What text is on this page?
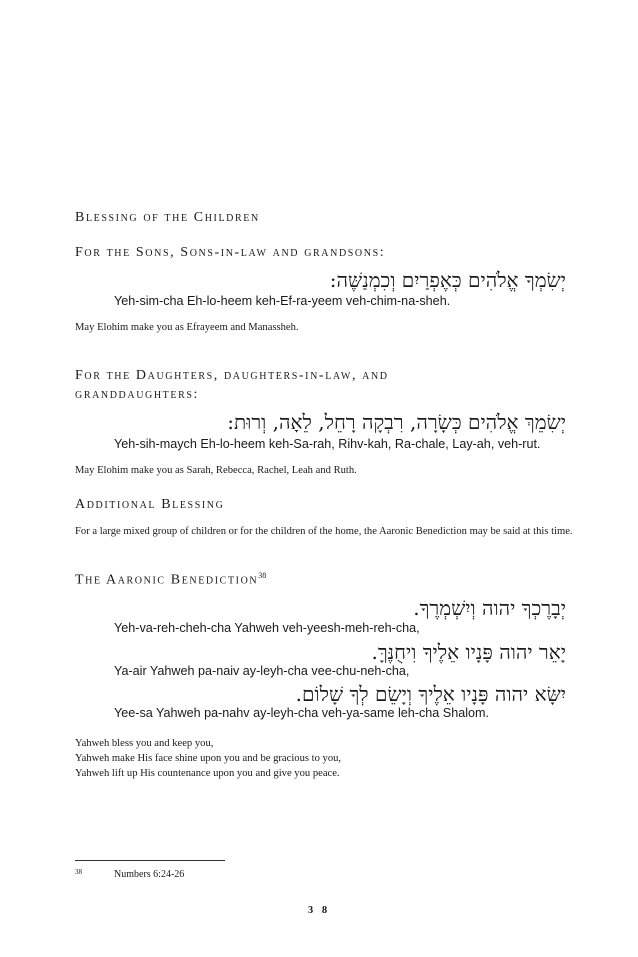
Blessing of the Children
For the Sons, Sons-in-law and grandsons:
יְשִׂמְךָ אֱלֹהִים כְּאֶפְרַיִם וְכִמְנַשֶּׁה:
Yeh-sim-cha Eh-lo-heem keh-Ef-ra-yeem veh-chim-na-sheh.
May Elohim make you as Efrayeem and Manassheh.
For the Daughters, daughters-in-law, and
granddaughters:
יְשִׂמֵךְ אֱלֹהִים כְּשָׂרָה, רִבְקָה רָחֵל, לֵאָה, וְרוּת:
Yeh-sih-maych Eh-lo-heem keh-Sa-rah, Rihv-kah, Ra-chale, Lay-ah, veh-rut.
May Elohim make you as Sarah, Rebecca, Rachel, Leah and Ruth.
Additional Blessing

For a large mixed group of children or for the children of the home, the Aaronic Benediction may be said at this time.

The Aaronic Benediction$^{38}$
יְבָרֶכְךָ יהוה וְיִשְׁמְרֶךָ.
Yeh-va-reh-cheh-cha Yahweh veh-yeesh-meh-reh-cha,
יָאֵר יהוה פָּנָיו אֵלֶיךָ וִיחֻנֶּךָּ.
Ya-air Yahweh pa-naiv ay-leyh-cha vee-chu-neh-cha,
יִשָּׂא יהוה פָּנָיו אֵלֶיךָ וְיָשֵׂם לְךָ שָׁלוֹם.
Yee-sa Yahweh pa-nahv ay-leyh-cha veh-ya-same leh-cha Shalom.
Yahweh bless you and keep you,
Yahweh make His face shine upon you and be gracious to you,
Yahweh lift up His countenance upon you and give you peace.
38	Numbers 6:24-26
3 8
